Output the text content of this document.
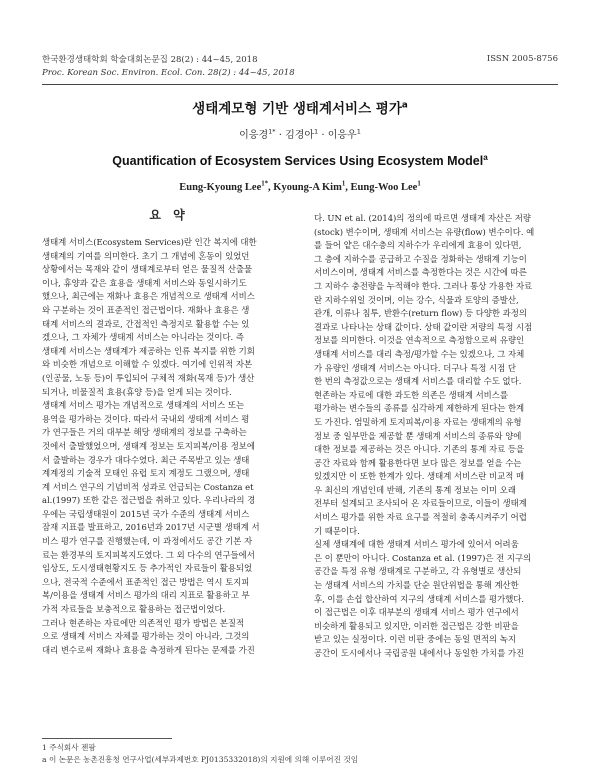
한국환경생태학회 학술대회논문집 28(2) : 44~45, 2018
Proc. Korean Soc. Environ. Ecol. Con. 28(2) : 44~45, 2018
ISSN 2005-8756
생태계모형 기반 생태계서비스 평가$^a$
이응경$^{1*}$ · 김경아$^1$ · 이응우$^1$
Quantification of Ecosystem Services Using Ecosystem Model$^a$
Eung-Kyoung Lee$^{1*}$, Kyoung-A Kim$^1$, Eung-Woo Lee$^1$
요 약
생태계 서비스(Ecosystem Services)란 인간 복지에 대한
생태계의 기여를 의미한다. 초기 그 개념에 혼동이 있었던
상황에서는 목재와 같이 생태계로부터 얻은 물질적 산출물
이나, 휴양과 같은 효용을 생태계 서비스와 동일시하기도
했으나, 최근에는 재화나 효용은 개념적으로 생태계 서비스
와 구분하는 것이 표준적인 접근법이다. 재화나 효용은 생
태계 서비스의 결과로, 간접적인 측정지로 활용할 수는 있
겠으나, 그 자체가 생태계 서비스는 아니라는 것이다. 즉
생태계 서비스는 생태계가 제공하는 인류 복지를 위한 기회
와 비슷한 개념으로 이해할 수 있겠다. 여기에 인위적 자본
(인공물, 노동 등)이 투입되어 구체적 재화(목재 등)가 생산
되거나, 비물질적 효용(휴양 등)을 얻게 되는 것이다.
생태계 서비스 평가는 개념적으로 생태계의 서비스 또는
용역을 평가하는 것이다. 따라서 국내외 생태계 서비스 평
가 연구들은 거의 대부분 해당 생태계의 정보를 구축하는
것에서 출발했었으며, 생태계 정보는 토지피복/이용 정보에
서 출발하는 경우가 대다수였다. 최근 주목받고 있는 생태
계계정의 기술적 모태인 유럽 토지 계정도 그랬으며, 생태
계 서비스 연구의 기념비적 성과로 언급되는 Costanza et
al.(1997) 또한 같은 접근법을 취하고 있다. 우리나라의 경
우에는 국립생태원이 2015년 국가 수준의 생태계 서비스
잠재 지표를 발표하고, 2016년과 2017년 시군별 생태계 서
비스 평가 연구를 진행했는데, 이 과정에서도 공간 기본 자
료는 환경부의 토지피복지도였다. 그 외 다수의 연구들에서
임상도, 도시생태현황지도 등 추가적인 자료들이 활용되었
으나, 전국적 수준에서 표준적인 접근 방법은 역시 토지피
복/이용을 생태계 서비스 평가의 대리 지표로 활용하고 부
가적 자료들을 보충적으로 활용하는 접근법이었다.
그러나 현존하는 자료에만 의존적인 평가 방법은 본질적
으로 생태계 서비스 자체를 평가하는 것이 아니라, 그것의
대리 변수로써 재화나 효용을 측정하게 된다는 문제를 가진
다. UN et al. (2014)의 정의에 따르면 생태계 자산은 저량
(stock) 변수이며, 생태계 서비스는 유량(flow) 변수이다. 예
를 들어 얕은 대수층의 지하수가 우리에게 효용이 있다면,
그 층에 지하수를 공급하고 수질을 정화하는 생태계 기능이
서비스이며, 생태계 서비스를 측정한다는 것은 시간에 따른
그 지하수 충전량을 누적해야 한다. 그러나 통상 가용한 자료
란 지하수위일 것이며, 이는 강수, 식물과 토양의 증발산,
관개, 이류나 침투, 반환수(return flow) 등 다양한 과정의
결과로 나타나는 상태 값이다. 상태 값이란 저량의 특정 시점
정보를 의미한다. 이것을 연속적으로 측정함으로써 유량인
생태계 서비스를 대리 측정/평가할 수는 있겠으나, 그 자체
가 유량인 생태계 서비스는 아니다. 더구나 특정 시점 단
한 번의 측정값으로는 생태계 서비스를 대리할 수도 없다.
현존하는 자료에 대한 과도한 의존은 생태계 서비스를
평가하는 변수들의 종류를 심각하게 제한하게 된다는 한계
도 가진다. 엄밀하게 토지피복/이용 자료는 생태계의 유형
정보 중 일부만을 제공할 뿐 생태계 서비스의 종류와 양에
대한 정보를 제공하는 것은 아니다. 기존의 통계 자료 등을
공간 자료와 함께 활용한다면 보다 많은 정보를 얻을 수는
있겠지만 이 또한 한계가 있다. 생태계 서비스란 비교적 매
우 최신의 개념인데 반해, 기존의 통계 정보는 이미 오래
전부터 설계되고 조사되어 온 자료들이므로, 이들이 생태계
서비스 평가를 위한 자료 요구를 적절히 충족시켜주기 어렵
기 때문이다.
실제 생태계에 대한 생태계 서비스 평가에 있어서 어려움
은 이 뿐만이 아니다. Costanza et al. (1997)은 전 지구의
공간을 특정 유형 생태계로 구분하고, 각 유형별로 생산되
는 생태계 서비스의 가치를 단순 원단위법을 통해 계산한
후, 이를 손쉽 합산하여 지구의 생태계 서비스를 평가했다.
이 접근법은 이후 대부분의 생태계 서비스 평가 연구에서
비슷하게 활용되고 있지만, 이러한 접근법은 강한 비판을
받고 있는 실정이다. 이런 비판 중에는 동일 면적의 녹지
공간이 도시에서나 국립공원 내에서나 동일한 가치를 가진
1 주식회사 젠팜
a 이 논문은 농촌진흥청 연구사업(세부과제번호 PJ0135332018)의 지원에 의해 이루어진 것임
